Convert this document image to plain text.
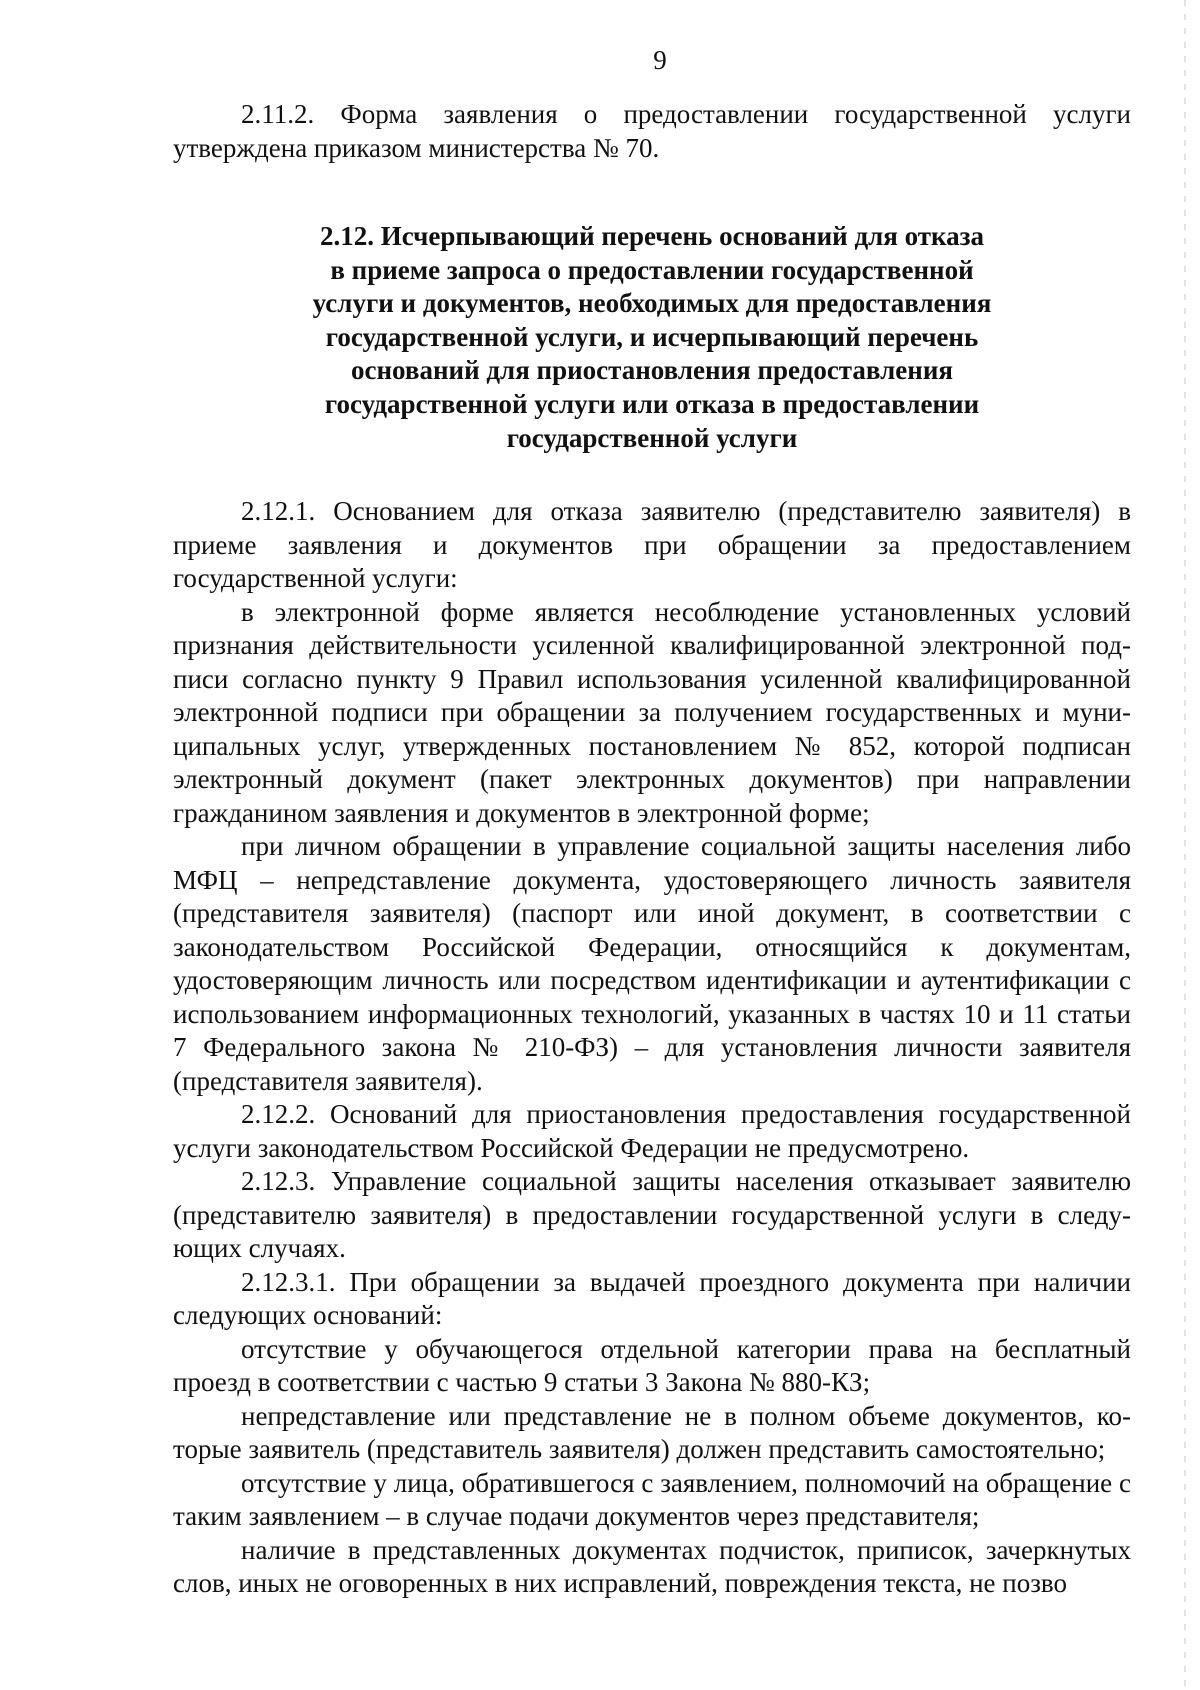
9

2.11.2. Форма заявления о предоставлении государственной услуги утверждена приказом министерства № 70.

2.12. Исчерпывающий перечень оснований для отказа
в приеме запроса о предоставлении государственной
услуги и документов, необходимых для предоставления
государственной услуги, и исчерпывающий перечень
оснований для приостановления предоставления
государственной услуги или отказа в предоставлении
государственной услуги

2.12.1. Основанием для отказа заявителю (представителю заявителя) в приеме заявления и документов при обращении за предоставлением государственной услуги:

в электронной форме является несоблюдение установленных условий признания действительности усиленной квалифицированной электронной подписи согласно пункту 9 Правил использования усиленной квалифицированной электронной подписи при обращении за получением государственных и муниципальных услуг, утвержденных постановлением № 852, которой подписан электронный документ (пакет электронных документов) при направлении гражданином заявления и документов в электронной форме;

при личном обращении в управление социальной защиты населения либо МФЦ – непредставление документа, удостоверяющего личность заявителя (представителя заявителя) (паспорт или иной документ, в соответствии с законодательством Российской Федерации, относящийся к документам, удостоверяющим личность или посредством идентификации и аутентификации с использованием информационных технологий, указанных в частях 10 и 11 статьи 7 Федерального закона № 210-ФЗ) – для установления личности заявителя (представителя заявителя).

2.12.2. Оснований для приостановления предоставления государственной услуги законодательством Российской Федерации не предусмотрено.

2.12.3. Управление социальной защиты населения отказывает заявителю (представителю заявителя) в предоставлении государственной услуги в следующих случаях.

2.12.3.1. При обращении за выдачей проездного документа при наличии следующих оснований:

отсутствие у обучающегося отдельной категории права на бесплатный проезд в соответствии с частью 9 статьи 3 Закона № 880-КЗ;

непредставление или представление не в полном объеме документов, которые заявитель (представитель заявителя) должен представить самостоятельно;

отсутствие у лица, обратившегося с заявлением, полномочий на обращение с таким заявлением – в случае подачи документов через представителя;

наличие в представленных документах подчисток, приписок, зачеркнутых слов, иных не оговоренных в них исправлений, повреждения текста, не позво
